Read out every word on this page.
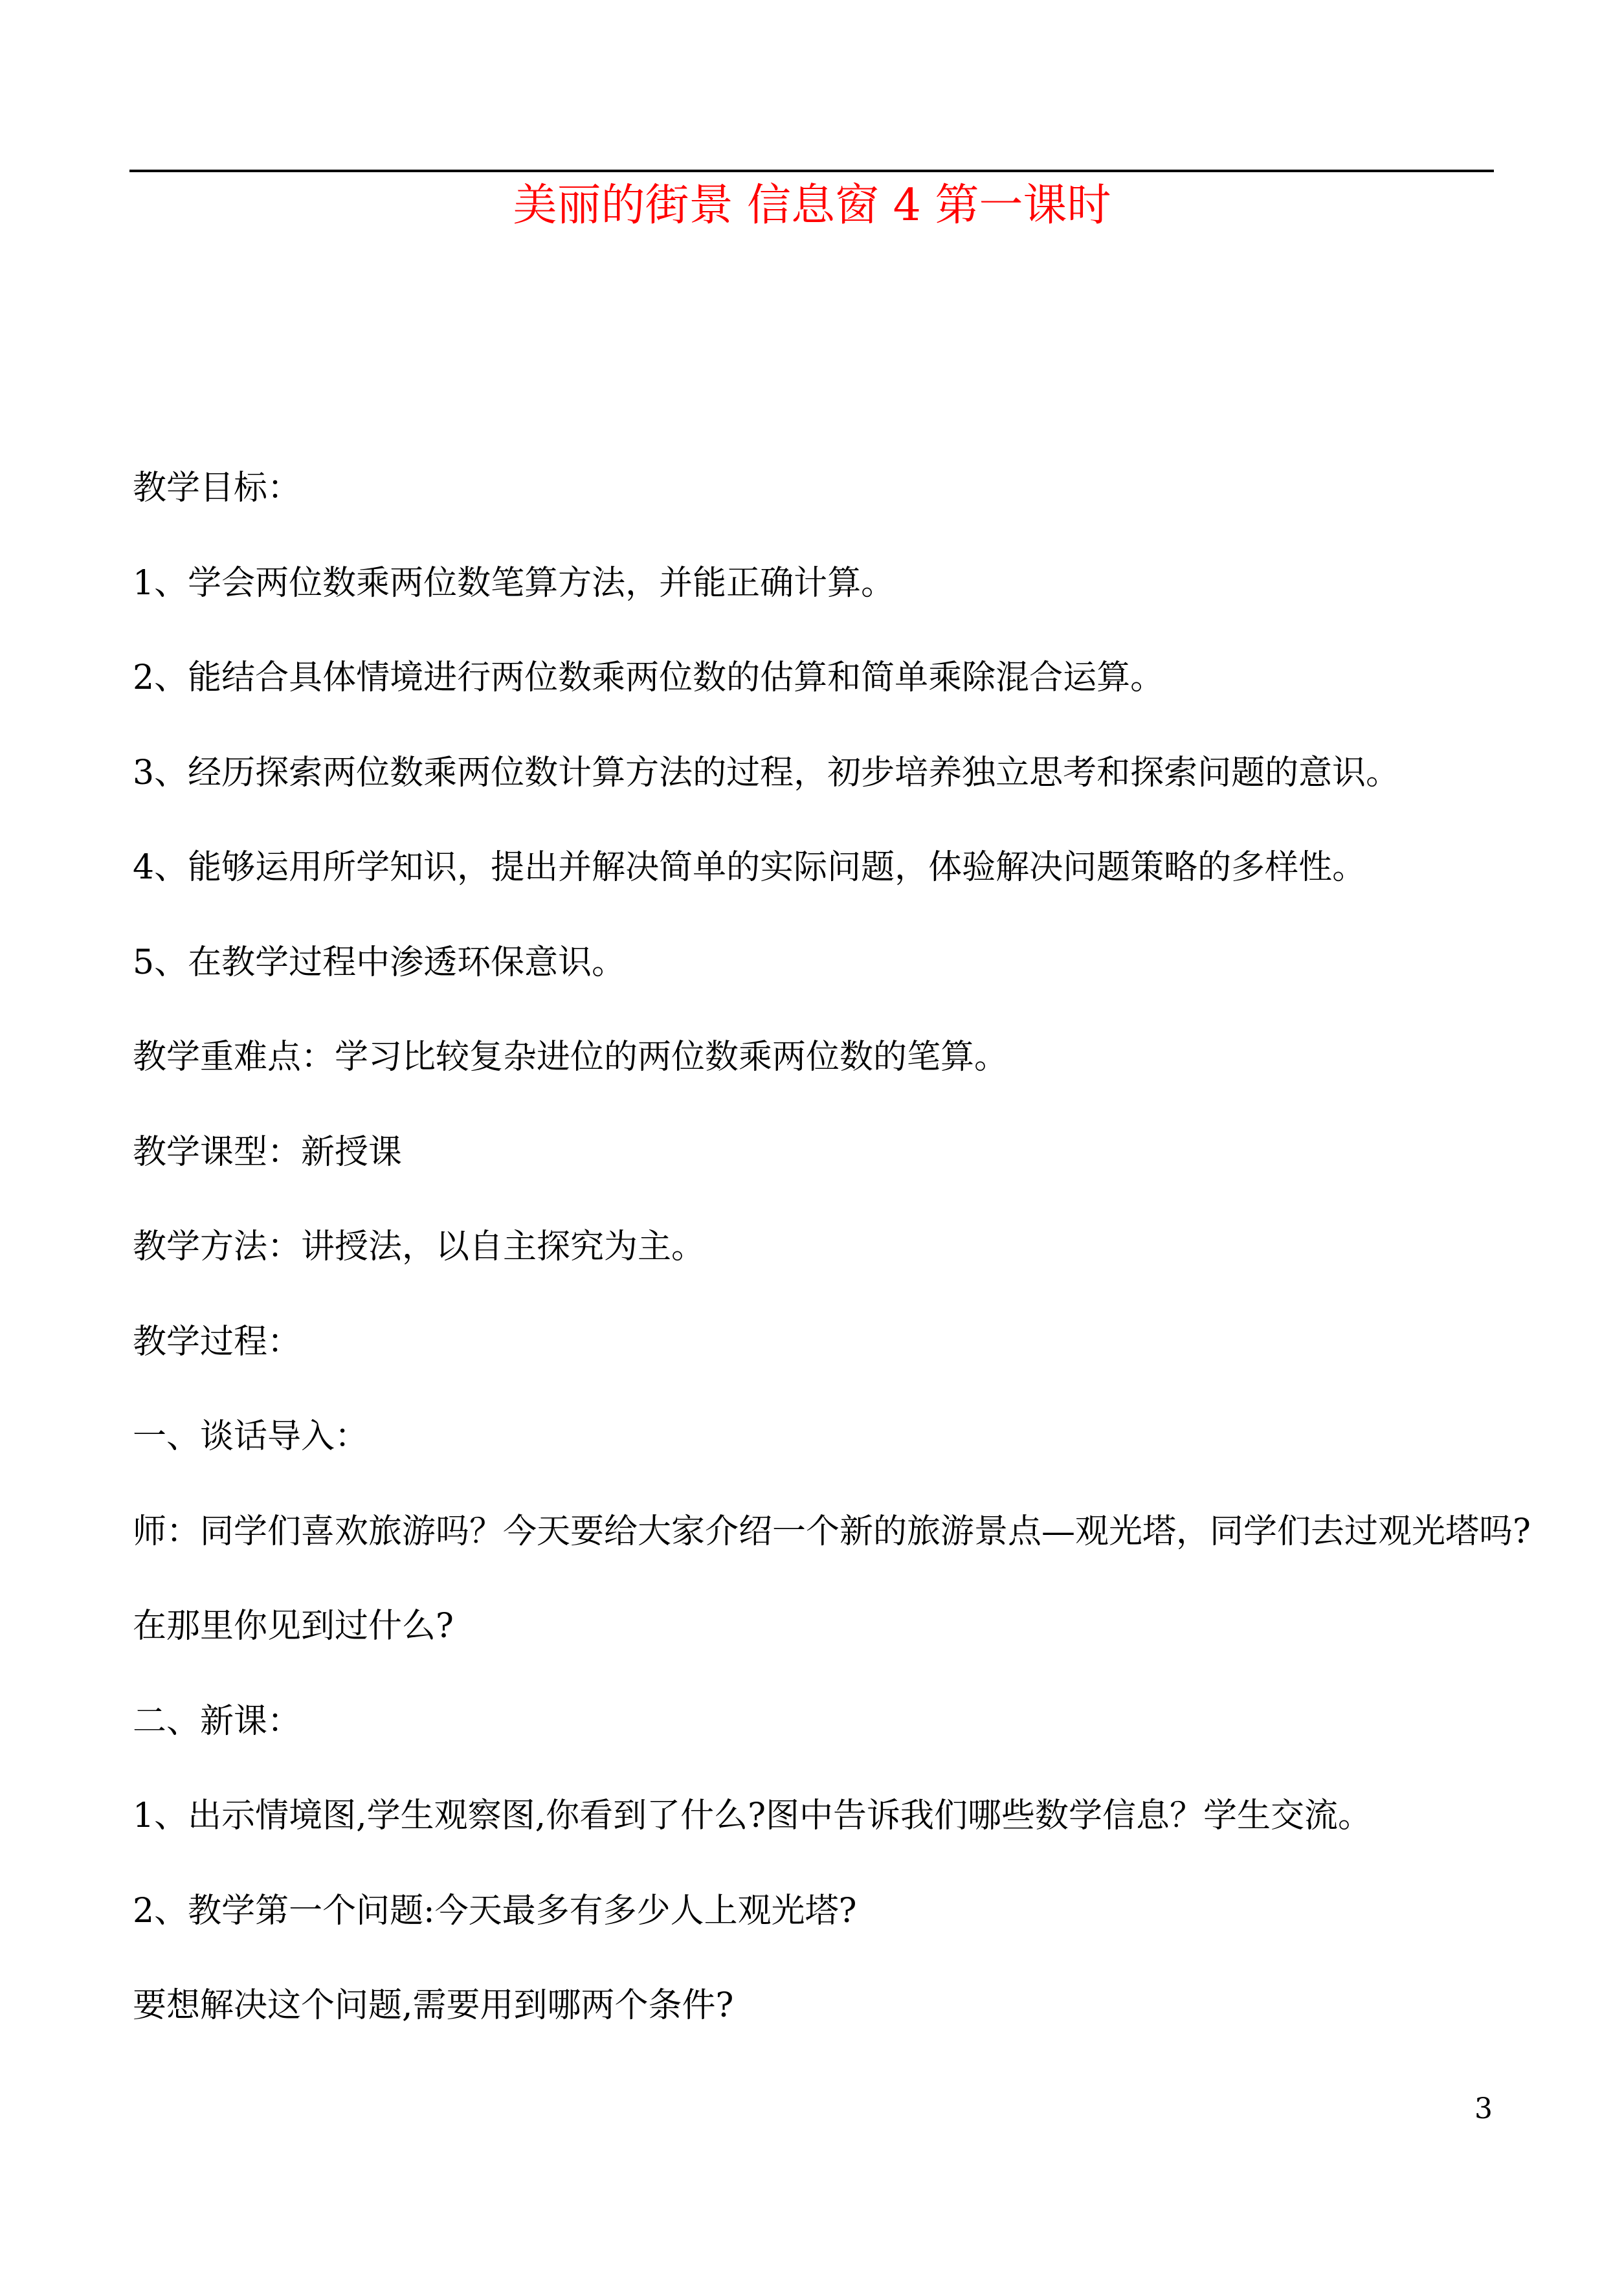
美丽的街景 信息窗 4 第一课时
教学目标：
1、学会两位数乘两位数笔算方法，并能正确计算。
2、能结合具体情境进行两位数乘两位数的估算和简单乘除混合运算。
3、经历探索两位数乘两位数计算方法的过程，初步培养独立思考和探索问题的意识。
4、能够运用所学知识，提出并解决简单的实际问题，体验解决问题策略的多样性。
5、在教学过程中渗透环保意识。
教学重难点：学习比较复杂进位的两位数乘两位数的笔算。
教学课型：新授课
教学方法：讲授法，以自主探究为主。
教学过程：
一、谈话导入：
师：同学们喜欢旅游吗？今天要给大家介绍一个新的旅游景点—观光塔，同学们去过观光塔吗?
在那里你见到过什么?
二、新课：
1、出示情境图,学生观察图,你看到了什么?图中告诉我们哪些数学信息？学生交流。
2、教学第一个问题:今天最多有多少人上观光塔?
要想解决这个问题,需要用到哪两个条件?
3
